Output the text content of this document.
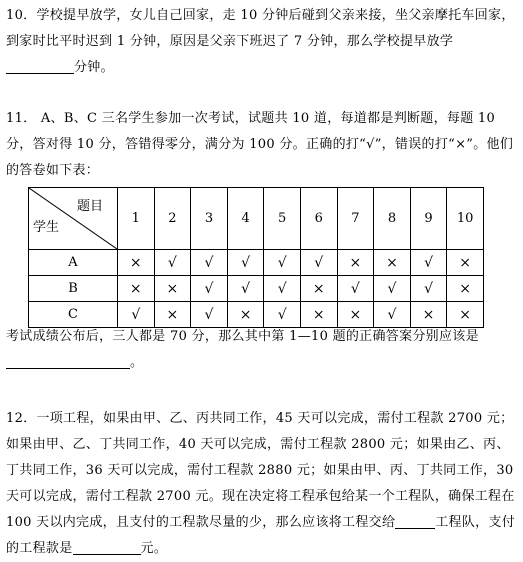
10．学校提早放学，女儿自己回家，走 10 分钟后碰到父亲来接，坐父亲摩托车回家，到家时比平时迟到 1 分钟，原因是父亲下班迟了 7 分钟，那么学校提早放学
分钟。
11． A、B、C 三名学生参加一次考试，试题共 10 道，每道都是判断题，每题 10 分，答对得 10 分，答错得零分，满分为 100 分。正确的打“√”，错误的打“×”。他们的答卷如下表：
题目
学生	1	2	3	4	5	6	7	8	9	10
A	×	√	√	√	√	√	×	×	√	×
B	×	×	√	√	√	×	√	√	√	×
C	√	×	√	×	√	×	×	√	×	×
考试成绩公布后，三人都是 70 分，那么其中第 1—10 题的正确答案分别应该是。
12．一项工程，如果由甲、乙、丙共同工作，45 天可以完成，需付工程款 2700 元；如果由甲、乙、丁共同工作，40 天可以完成，需付工程款 2800 元；如果由乙、丙、丁共同工作，36 天可以完成，需付工程款 2880 元；如果由甲、丙、丁共同工作，30 天可以完成，需付工程款 2700 元。现在决定将工程承包给某一个工程队，确保工程在 100 天以内完成，且支付的工程款尽量的少，那么应该将工程交给	工程队，支付的工程款是	元。
